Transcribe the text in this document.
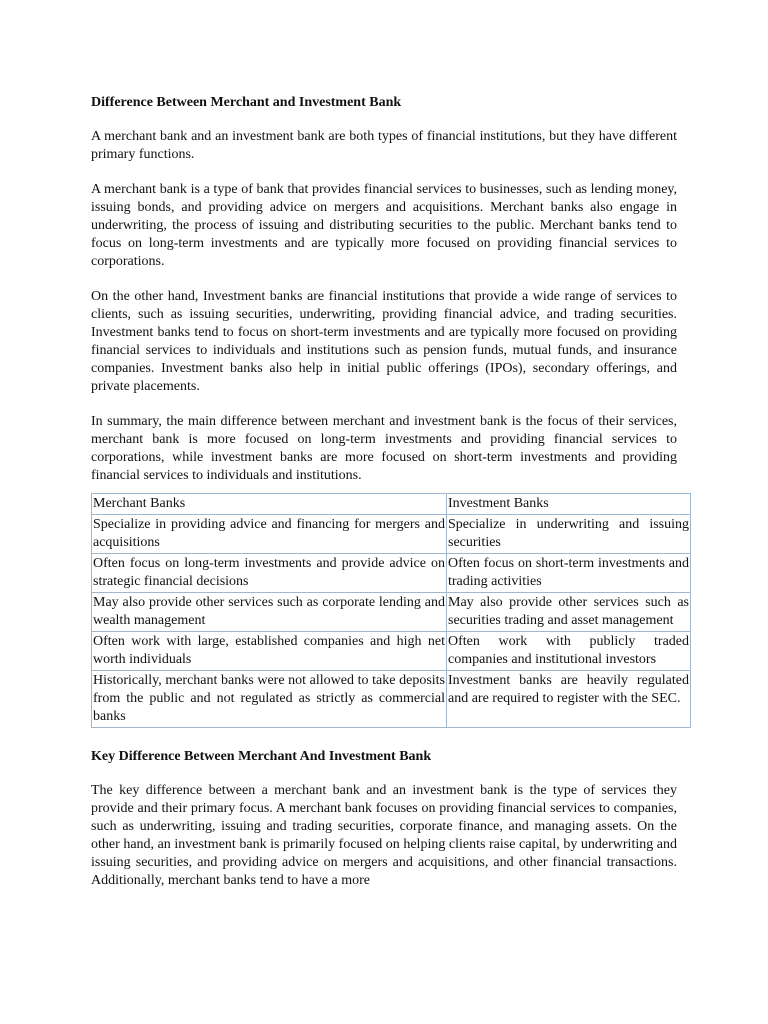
Difference Between Merchant and Investment Bank

A merchant bank and an investment bank are both types of financial institutions, but they have different primary functions.

A merchant bank is a type of bank that provides financial services to businesses, such as lending money, issuing bonds, and providing advice on mergers and acquisitions. Merchant banks also engage in underwriting, the process of issuing and distributing securities to the public. Merchant banks tend to focus on long-term investments and are typically more focused on providing financial services to corporations.

On the other hand, Investment banks are financial institutions that provide a wide range of services to clients, such as issuing securities, underwriting, providing financial advice, and trading securities. Investment banks tend to focus on short-term investments and are typically more focused on providing financial services to individuals and institutions such as pension funds, mutual funds, and insurance companies. Investment banks also help in initial public offerings (IPOs), secondary offerings, and private placements.

In summary, the main difference between merchant and investment bank is the focus of their services, merchant bank is more focused on long-term investments and providing financial services to corporations, while investment banks are more focused on short-term investments and providing financial services to individuals and institutions.

Merchant Banks	Investment Banks
Specialize in providing advice and financing for mergers and acquisitions	Specialize in underwriting and issuing securities
Often focus on long-term investments and provide advice on strategic financial decisions	Often focus on short-term investments and trading activities
May also provide other services such as corporate lending and wealth management	May also provide other services such as securities trading and asset management
Often work with large, established companies and high net worth individuals	Often work with publicly traded companies and institutional investors
Historically, merchant banks were not allowed to take deposits from the public and not regulated as strictly as commercial banks	Investment banks are heavily regulated and are required to register with the SEC.
Key Difference Between Merchant And Investment Bank

The key difference between a merchant bank and an investment bank is the type of services they provide and their primary focus. A merchant bank focuses on providing financial services to companies, such as underwriting, issuing and trading securities, corporate finance, and managing assets. On the other hand, an investment bank is primarily focused on helping clients raise capital, by underwriting and issuing securities, and providing advice on mergers and acquisitions, and other financial transactions. Additionally, merchant banks tend to have a more
